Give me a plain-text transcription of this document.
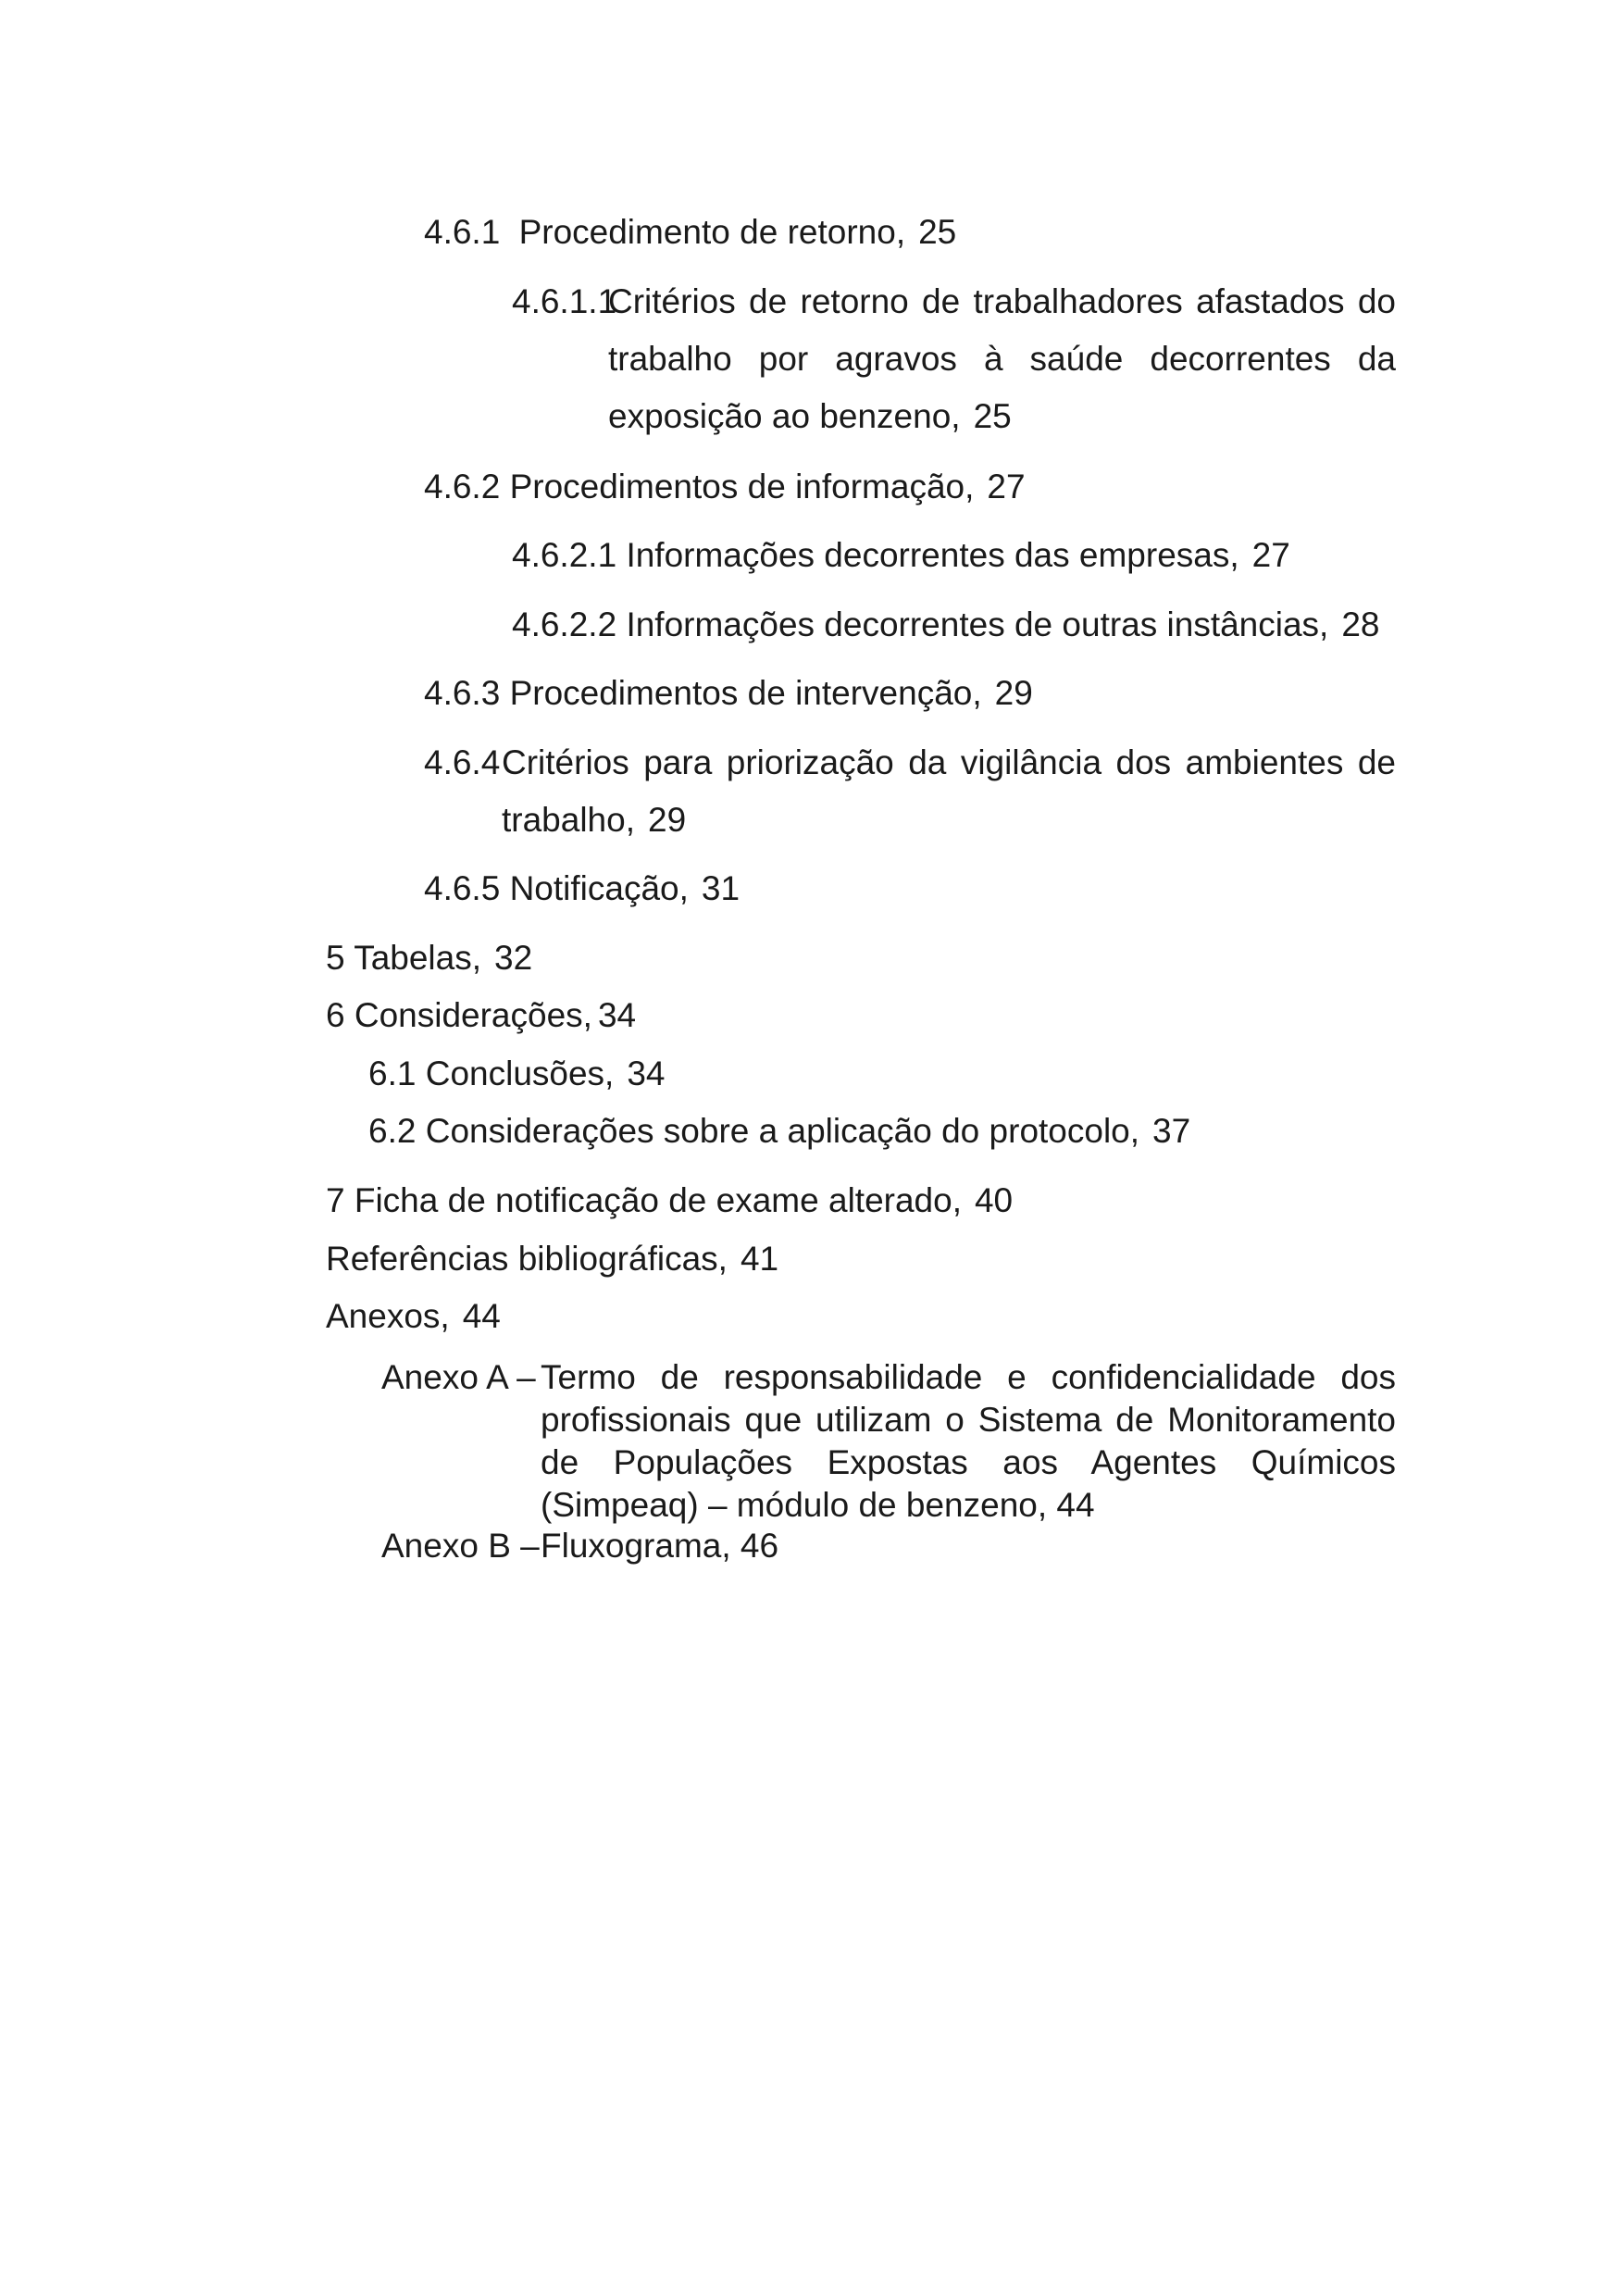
4.6.1 Procedimento de retorno, 25
4.6.1.1
Critérios de retorno de trabalhadores afastados do trabalho por agravos à saúde decorrentes da exposição ao benzeno, 25
4.6.2 Procedimentos de informação, 27
4.6.2.1 Informações decorrentes das empresas, 27
4.6.2.2 Informações decorrentes de outras instâncias, 28
4.6.3 Procedimentos de intervenção, 29
4.6.4 Critérios para priorização da vigilância dos ambientes de trabalho, 29
4.6.5 Notificação, 31
5 Tabelas, 32
6 Considerações, 34
6.1 Conclusões, 34
6.2 Considerações sobre a aplicação do protocolo, 37
7 Ficha de notificação de exame alterado, 40
Referências bibliográficas, 41
Anexos, 44
Anexo A – Termo de responsabilidade e confidencialidade dos profissionais que utilizam o Sistema de Monitoramento de Populações Expostas aos Agentes Químicos (Simpeaq) – módulo de benzeno, 44
Anexo B – Fluxograma, 46
